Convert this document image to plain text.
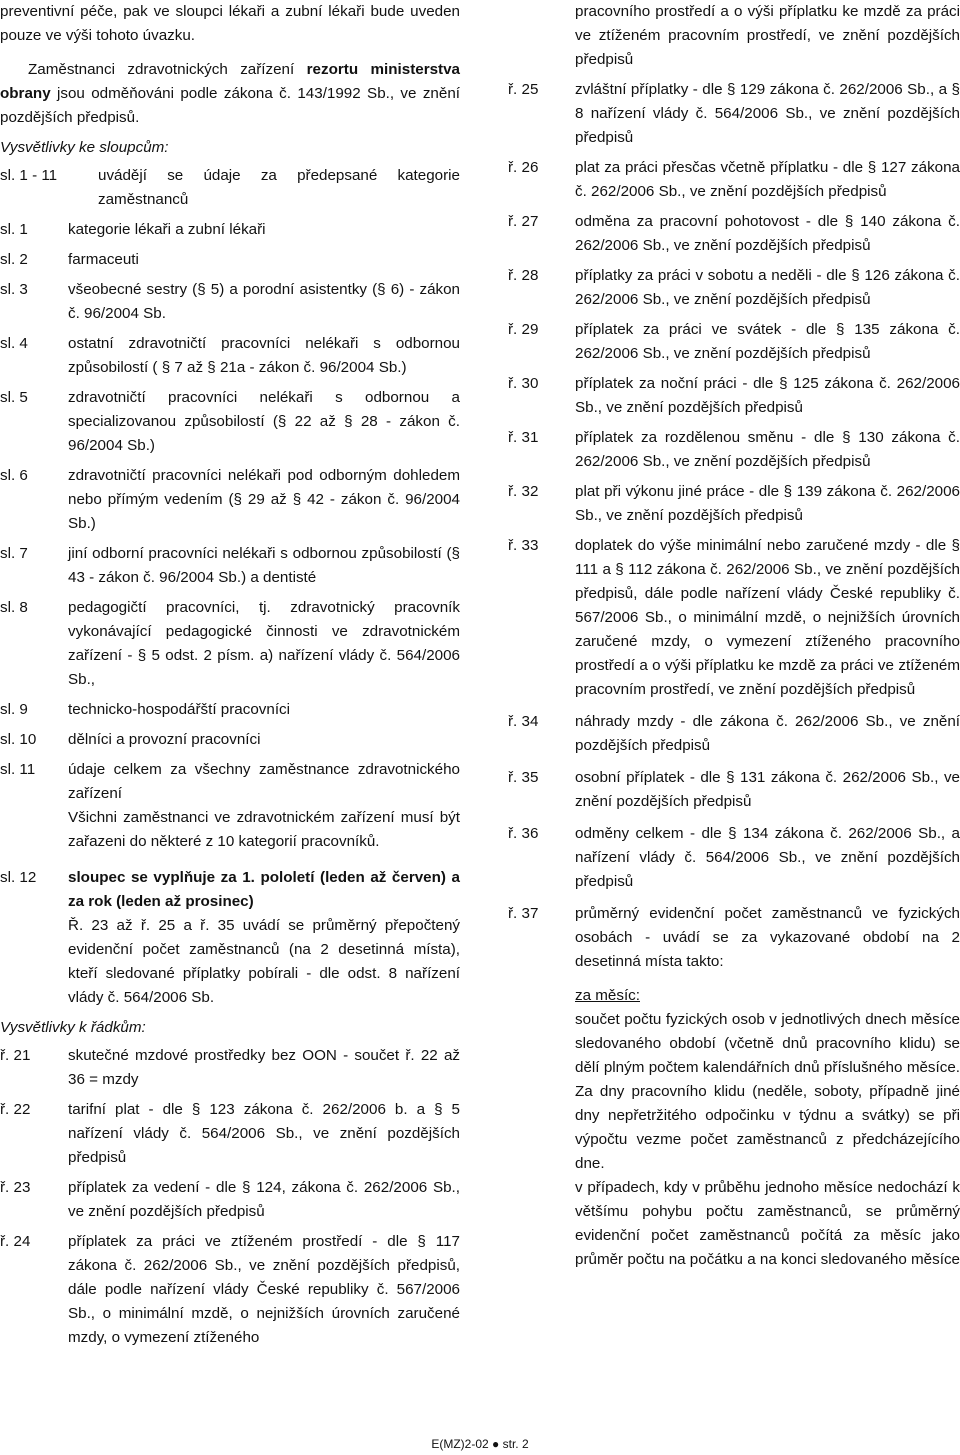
preventivní péče, pak ve sloupci lékaři a zubní lékaři bude uveden pouze ve výši tohoto úvazku.

Zaměstnanci zdravotnických zařízení rezortu ministerstva obrany jsou odměňováni podle zákona č. 143/1992 Sb., ve znění pozdějších předpisů.

Vysvětlivky ke sloupcům:

sl. 1 - 11	uvádějí se údaje za předepsané kategorie zaměstnanců
sl. 1	kategorie lékaři a zubní lékaři
sl. 2	farmaceuti
sl. 3	všeobecné sestry (§ 5) a porodní asistentky (§ 6) - zákon č. 96/2004 Sb.
sl. 4	ostatní zdravotničtí pracovníci nelékaři s odbornou způsobilostí ( § 7 až § 21a - zákon č. 96/2004 Sb.)
sl. 5	zdravotničtí pracovníci nelékaři s odbornou a specializovanou způsobilostí (§ 22 až § 28 - zákon č. 96/2004 Sb.)
sl. 6	zdravotničtí pracovníci nelékaři pod odborným dohledem nebo přímým vedením (§ 29 až § 42 - zákon č. 96/2004 Sb.)
sl. 7	jiní odborní pracovníci nelékaři s odbornou způsobilostí (§ 43 - zákon č. 96/2004 Sb.) a dentisté
sl. 8	pedagogičtí pracovníci, tj. zdravotnický pracovník vykonávající pedagogické činnosti ve zdravotnickém zařízení - § 5 odst. 2 písm. a) nařízení vlády č. 564/2006 Sb.,
sl. 9	technicko-hospodářští pracovníci
sl. 10	dělníci a provozní pracovníci
sl. 11	údaje celkem za všechny zaměstnance zdravotnického zařízení
Všichni zaměstnanci ve zdravotnickém zařízení musí být zařazeni do některé z 10 kategorií pracovníků.
sl. 12	sloupec se vyplňuje za 1. pololetí (leden až červen) a za rok (leden až prosinec)
Ř. 23 až ř. 25 a ř. 35 uvádí se průměrný přepočtený evidenční počet zaměstnanců (na 2 desetinná místa), kteří sledované příplatky pobírali - dle odst. 8 nařízení vlády č. 564/2006 Sb.

Vysvětlivky k řádkům:

ř. 21	skutečné mzdové prostředky bez OON - součet ř. 22 až 36 = mzdy
ř. 22	tarifní plat - dle § 123 zákona č. 262/2006 b. a § 5 nařízení vlády č. 564/2006 Sb., ve znění pozdějších předpisů
ř. 23	příplatek za vedení - dle § 124, zákona č. 262/2006 Sb., ve znění pozdějších předpisů
ř. 24	příplatek za práci ve ztíženém prostředí - dle § 117 zákona č. 262/2006 Sb., ve znění pozdějších předpisů, dále podle nařízení vlády České republiky č. 567/2006 Sb., o minimální mzdě, o nejnižších úrovních zaručené mzdy, o vymezení ztíženého

pracovního prostředí a o výši příplatku ke mzdě za práci ve ztíženém pracovním prostředí, ve znění pozdějších předpisů

ř. 25	zvláštní příplatky - dle § 129 zákona č. 262/2006 Sb., a § 8 nařízení vlády č. 564/2006 Sb., ve znění pozdějších předpisů
ř. 26	plat za práci přesčas včetně příplatku - dle § 127 zákona č. 262/2006 Sb., ve znění pozdějších předpisů
ř. 27	odměna za pracovní pohotovost - dle § 140 zákona č. 262/2006 Sb., ve znění pozdějších předpisů
ř. 28	příplatky za práci v sobotu a neděli - dle § 126 zákona č. 262/2006 Sb., ve znění pozdějších předpisů
ř. 29	příplatek za práci ve svátek - dle § 135 zákona č. 262/2006 Sb., ve znění pozdějších předpisů
ř. 30	příplatek za noční práci - dle § 125 zákona č. 262/2006 Sb., ve znění pozdějších předpisů
ř. 31	příplatek za rozdělenou směnu - dle § 130 zákona č. 262/2006 Sb., ve znění pozdějších předpisů
ř. 32	plat při výkonu jiné práce - dle § 139 zákona č. 262/2006 Sb., ve znění pozdějších předpisů
ř. 33	doplatek do výše minimální nebo zaručené mzdy - dle § 111 a § 112 zákona č. 262/2006 Sb., ve znění pozdějších předpisů, dále podle nařízení vlády České republiky č. 567/2006 Sb., o minimální mzdě, o nejnižších úrovních zaručené mzdy, o vymezení ztíženého pracovního prostředí a o výši příplatku ke mzdě za práci ve ztíženém pracovním prostředí, ve znění pozdějších předpisů
ř. 34	náhrady mzdy - dle zákona č. 262/2006 Sb., ve znění pozdějších předpisů
ř. 35	osobní příplatek - dle § 131 zákona č. 262/2006 Sb., ve znění pozdějších předpisů
ř. 36	odměny celkem - dle § 134 zákona č. 262/2006 Sb., a nařízení vlády č. 564/2006 Sb., ve znění pozdějších předpisů
ř. 37	průměrný evidenční počet zaměstnanců ve fyzických osobách - uvádí se za vykazované období na 2 desetinná místa takto:

za měsíc:

součet počtu fyzických osob v jednotlivých dnech měsíce sledovaného období (včetně dnů pracovního klidu) se dělí plným počtem kalendářních dnů příslušného měsíce. Za dny pracovního klidu (neděle, soboty, případně jiné dny nepřetržitého odpočinku v týdnu a svátky) se při výpočtu vezme počet zaměstnanců z předcházejícího dne.

v případech, kdy v průběhu jednoho měsíce nedochází k většímu pohybu počtu zaměstnanců, se průměrný evidenční počet zaměstnanců počítá za měsíc jako průměr počtu na počátku a na konci sledovaného měsíce

E(MZ)2-02 ● str. 2
